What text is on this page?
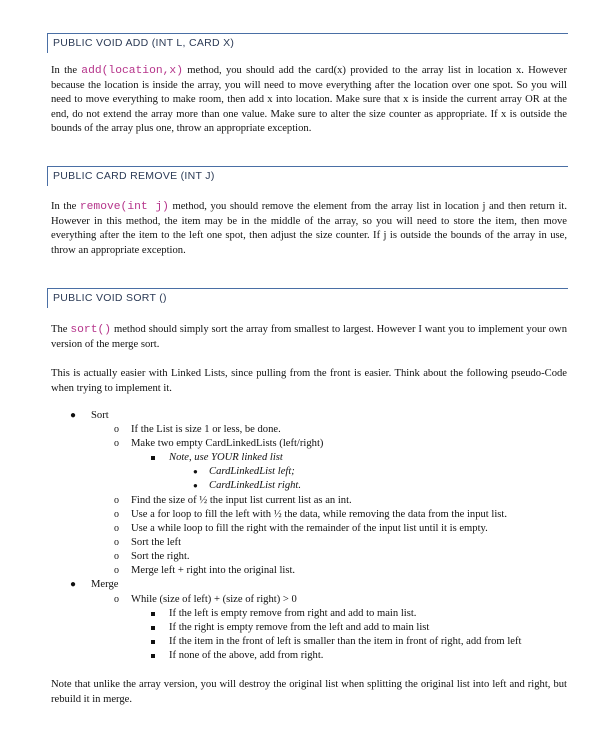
PUBLIC VOID ADD (INT L, CARD X)
In the add(location,x) method, you should add the card(x) provided to the array list in location x. However because the location is inside the array, you will need to move everything after the location over one spot. So you will need to move everything to make room, then add x into location. Make sure that x is inside the current array OR at the end, do not extend the array more than one value. Make sure to alter the size counter as appropriate. If x is outside the bounds of the array plus one, throw an appropriate exception.
PUBLIC CARD REMOVE (INT J)
In the remove(int j) method, you should remove the element from the array list in location j and then return it. However in this method, the item may be in the middle of the array, so you will need to store the item, then move everything after the item to the left one spot, then adjust the size counter. If j is outside the bounds of the array in use, throw an appropriate exception.
PUBLIC VOID SORT ()
The sort() method should simply sort the array from smallest to largest. However I want you to implement your own version of the merge sort.
This is actually easier with Linked Lists, since pulling from the front is easier. Think about the following pseudo-Code when trying to implement it.
● Sort
o If the List is size 1 or less, be done.
o Make two empty CardLinkedLists (left/right)
Note, use YOUR linked list
● CardLinkedList left;
● CardLinkedList right.
o Find the size of ½ the input list current list as an int.
o Use a for loop to fill the left with ½ the data, while removing the data from the input list.
o Use a while loop to fill the right with the remainder of the input list until it is empty.
o Sort the left
o Sort the right.
o Merge left + right into the original list.
● Merge
o While (size of left) + (size of right) > 0
If the left is empty remove from right and add to main list.
If the right is empty remove from the left and add to main list
If the item in the front of left is smaller than the item in front of right, add from left
If none of the above, add from right.
Note that unlike the array version, you will destroy the original list when splitting the original list into left and right, but rebuild it in merge.
